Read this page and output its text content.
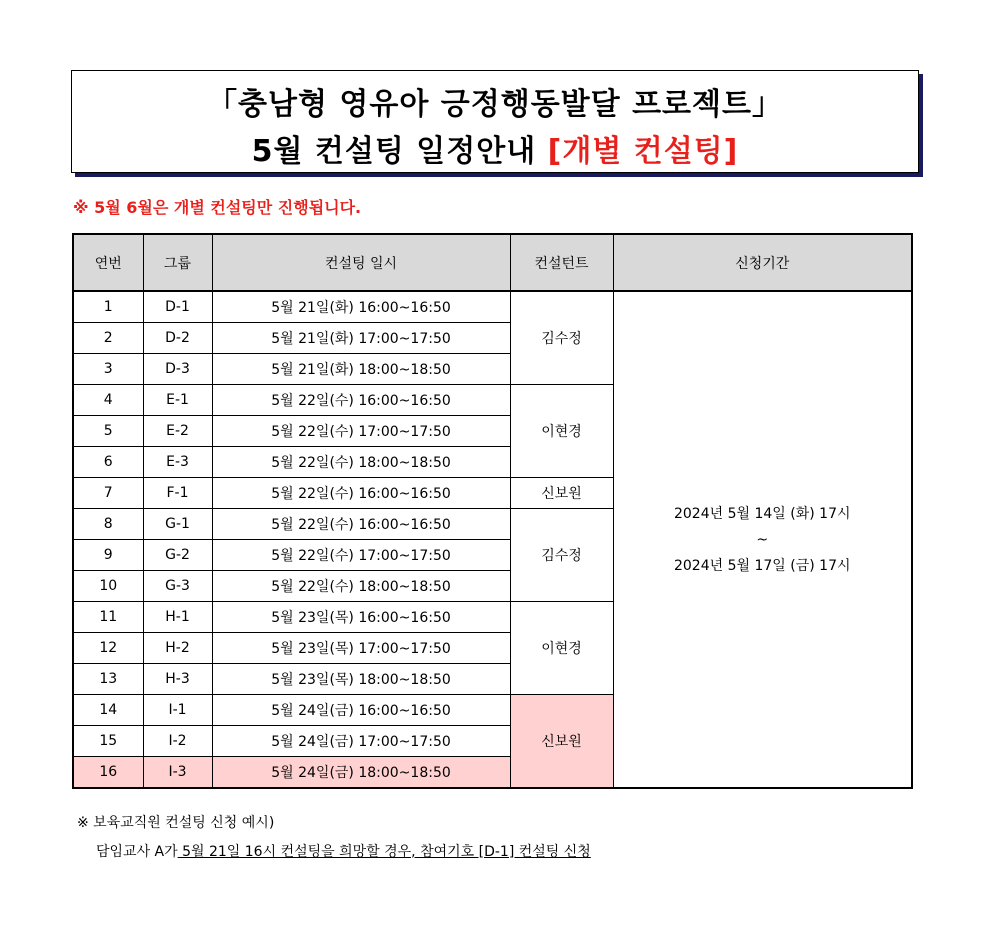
「충남형 영유아 긍정행동발달 프로젝트」
5월 컨설팅 일정안내 [개별 컨설팅]
※ 5월 6월은 개별 컨설팅만 진행됩니다.
연번	그룹	컨설팅 일시	컨설턴트	신청기간
1	D-1	5월 21일(화) 16:00~16:50	김수정	2024년 5월 14일 (화) 17시
~
2024년 5월 17일 (금) 17시

2	D-2	5월 21일(화) 17:00~17:50		
3	D-3	5월 21일(화) 18:00~18:50		
4	E-1	5월 22일(수) 16:00~16:50	이현경	
5	E-2	5월 22일(수) 17:00~17:50		
6	E-3	5월 22일(수) 18:00~18:50		
7	F-1	5월 22일(수) 16:00~16:50	신보원	
8	G-1	5월 22일(수) 16:00~16:50	김수정	
9	G-2	5월 22일(수) 17:00~17:50		
10	G-3	5월 22일(수) 18:00~18:50		
11	H-1	5월 23일(목) 16:00~16:50	이현경	
12	H-2	5월 23일(목) 17:00~17:50		
13	H-3	5월 23일(목) 18:00~18:50		
14	I-1	5월 24일(금) 16:00~16:50	신보원	
15	I-2	5월 24일(금) 17:00~17:50		
16	I-3	5월 24일(금) 18:00~18:50		
※ 보육교직원 컨설팅 신청 예시)
담임교사 A가 5월 21일 16시 컨설팅을 희망할 경우, 참여기호 [D-1] 컨설팅 신청
